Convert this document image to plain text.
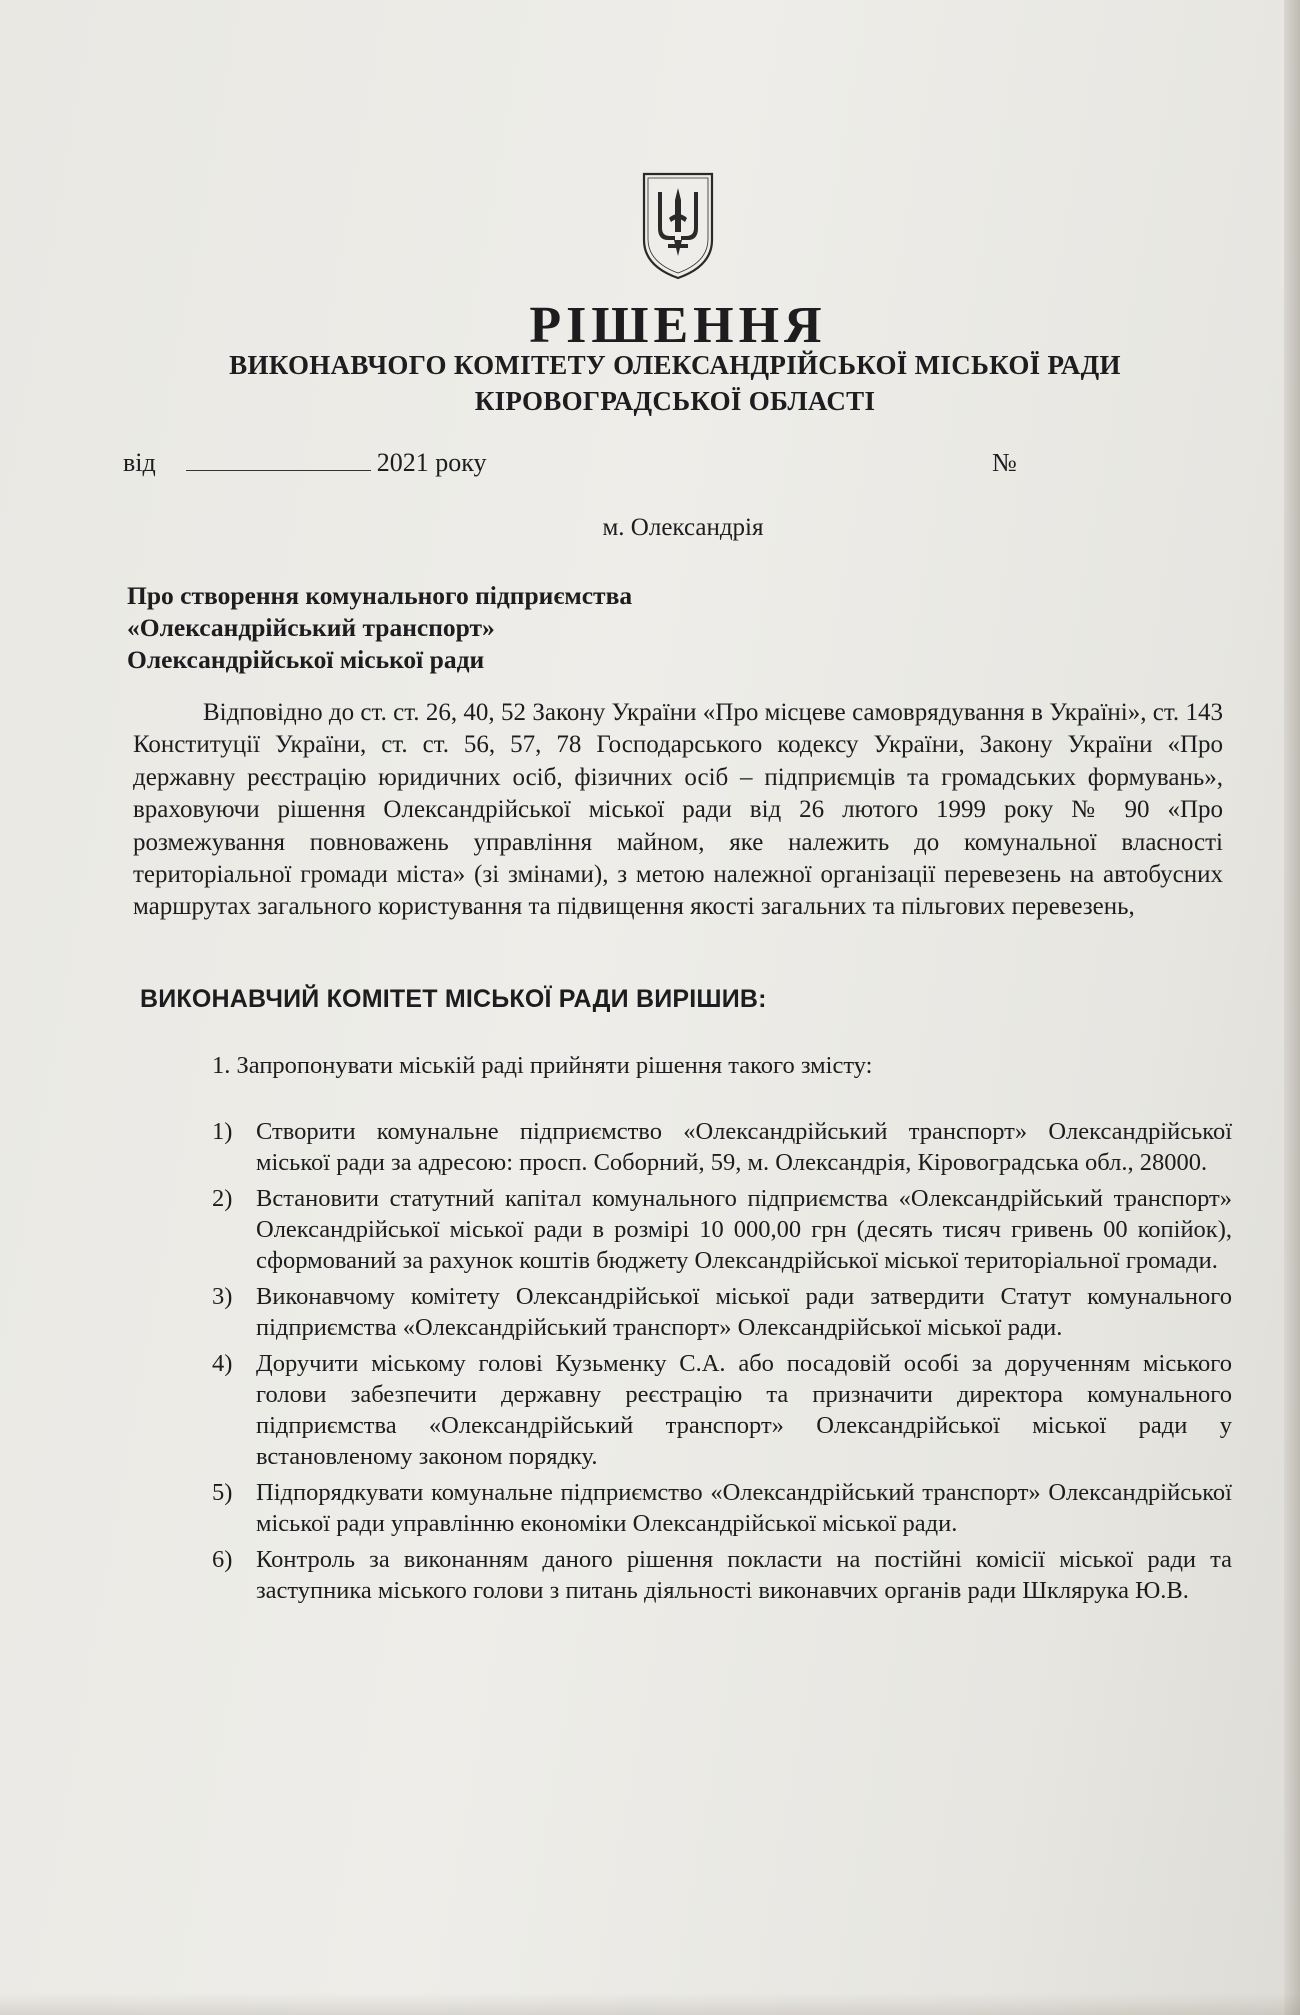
РІШЕННЯ
ВИКОНАВЧОГО КОМІТЕТУ ОЛЕКСАНДРІЙСЬКОЇ МІСЬКОЇ РАДИ
КІРОВОГРАДСЬКОЇ ОБЛАСТІ
від	2021 року	№
м. Олександрія
Про створення комунального підприємства
«Олександрійський транспорт»
Олександрійської міської ради
Відповідно до ст. ст. 26, 40, 52 Закону України «Про місцеве самоврядування в Україні», ст. 143 Конституції України, ст. ст. 56, 57, 78 Господарського кодексу України, Закону України «Про державну реєстрацію юридичних осіб, фізичних осіб – підприємців та громадських формувань», враховуючи рішення Олександрійської міської ради від 26 лютого 1999 року № 90 «Про розмежування повноважень управління майном, яке належить до комунальної власності територіальної громади міста» (зі змінами), з метою належної організації перевезень на автобусних маршрутах загального користування та підвищення якості загальних та пільгових перевезень,
ВИКОНАВЧИЙ КОМІТЕТ МІСЬКОЇ РАДИ ВИРІШИВ:
1. Запропонувати міській раді прийняти рішення такого змісту:
1) Створити комунальне підприємство «Олександрійський транспорт» Олександрійської міської ради за адресою: просп. Соборний, 59, м. Олександрія, Кіровоградська обл., 28000.
2) Встановити статутний капітал комунального підприємства «Олександрійський транспорт» Олександрійської міської ради в розмірі 10 000,00 грн (десять тисяч гривень 00 копійок), сформований за рахунок коштів бюджету Олександрійської міської територіальної громади.
3) Виконавчому комітету Олександрійської міської ради затвердити Статут комунального підприємства «Олександрійський транспорт» Олександрійської міської ради.
4) Доручити міському голові Кузьменку С.А. або посадовій особі за дорученням міського голови забезпечити державну реєстрацію та призначити директора комунального підприємства «Олександрійський транспорт» Олександрійської міської ради у встановленому законом порядку.
5) Підпорядкувати комунальне підприємство «Олександрійський транспорт» Олександрійської міської ради управлінню економіки Олександрійської міської ради.
6) Контроль за виконанням даного рішення покласти на постійні комісії міської ради та заступника міського голови з питань діяльності виконавчих органів ради Шклярука Ю.В.
